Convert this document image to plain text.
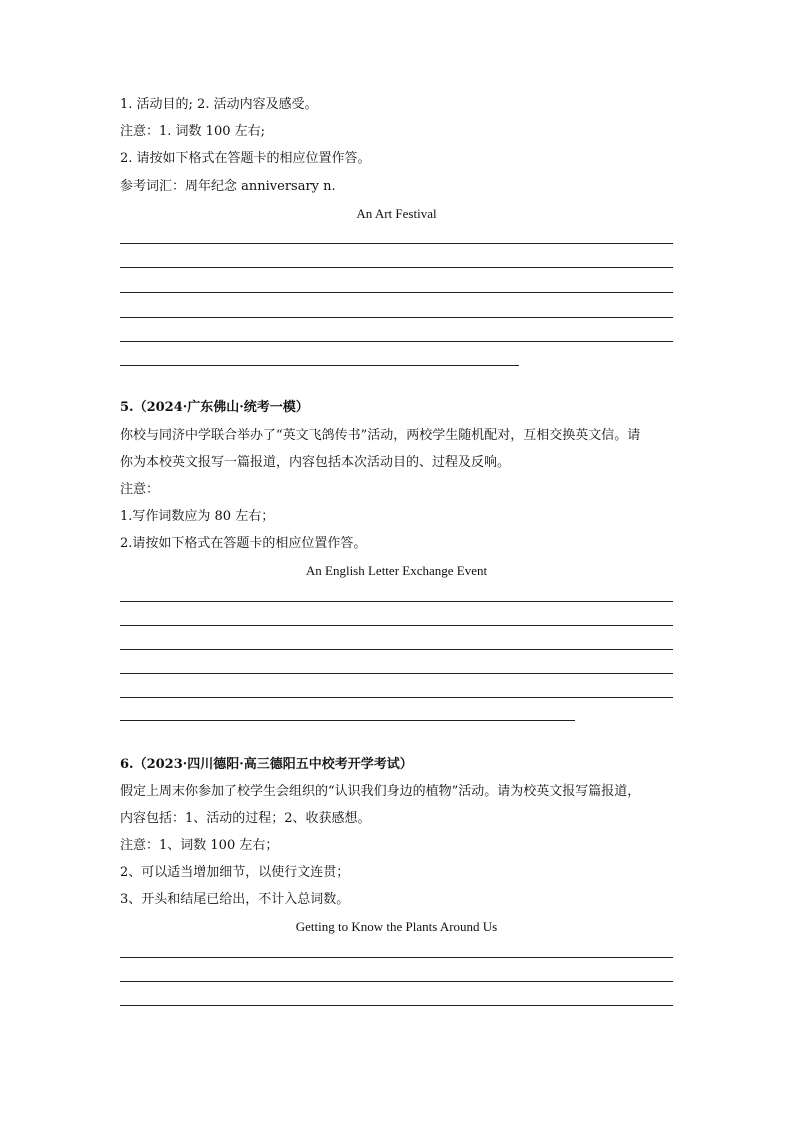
1. 活动目的; 2. 活动内容及感受。
注意：1. 词数 100 左右;
2. 请按如下格式在答题卡的相应位置作答。
参考词汇：周年纪念 anniversary n.
An Art Festival
5.（2024·广东佛山·统考一模）
你校与同济中学联合举办了“英文飞鸽传书”活动，两校学生随机配对，互相交换英文信。请
你为本校英文报写一篇报道，内容包括本次活动目的、过程及反响。
注意：
1.写作词数应为 80 左右；
2.请按如下格式在答题卡的相应位置作答。
An English Letter Exchange Event
6.（2023·四川德阳·高三德阳五中校考开学考试）
假定上周末你参加了校学生会组织的“认识我们身边的植物”活动。请为校英文报写篇报道，
内容包括：1、活动的过程；2、收获感想。
注意：1、词数 100 左右；
2、可以适当增加细节，以使行文连贯；
3、开头和结尾已给出，不计入总词数。
Getting to Know the Plants Around Us
